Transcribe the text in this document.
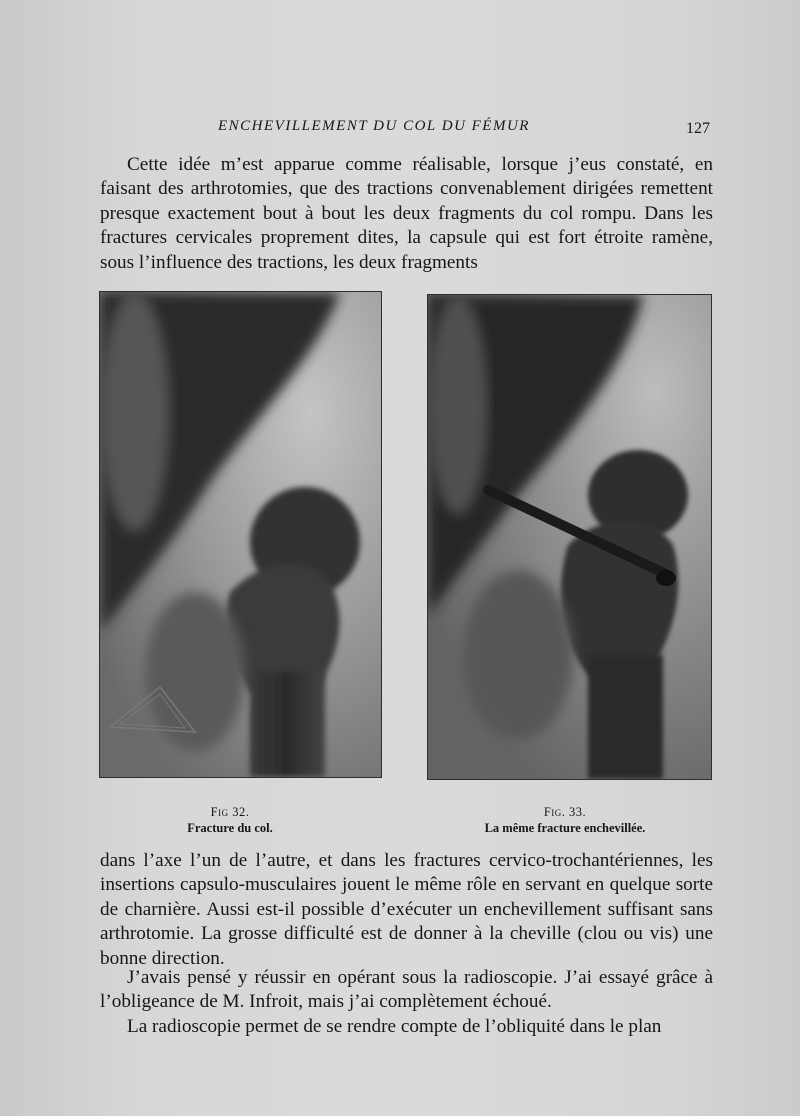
ENCHEVILLEMENT DU COL DU FÉMUR	127

Cette idée m’est apparue comme réalisable, lorsque j’eus constaté, en faisant des arthrotomies, que des tractions convenablement dirigées remettent presque exactement bout à bout les deux fragments du col rompu. Dans les fractures cervicales proprement dites, la capsule qui est fort étroite ramène, sous l’influence des tractions, les deux fragments

Fig 32.
Fracture du col.
Fig. 33.
La même fracture enchevillée.

dans l’axe l’un de l’autre, et dans les fractures cervico-trochantériennes, les insertions capsulo-musculaires jouent le même rôle en servant en quelque sorte de charnière. Aussi est-il possible d’exécuter un enchevillement suffisant sans arthrotomie. La grosse difficulté est de donner à la cheville (clou ou vis) une bonne direction.

J’avais pensé y réussir en opérant sous la radioscopie. J’ai essayé grâce à l’obligeance de M. Infroit, mais j’ai complètement échoué.

La radioscopie permet de se rendre compte de l’obliquité dans le plan
